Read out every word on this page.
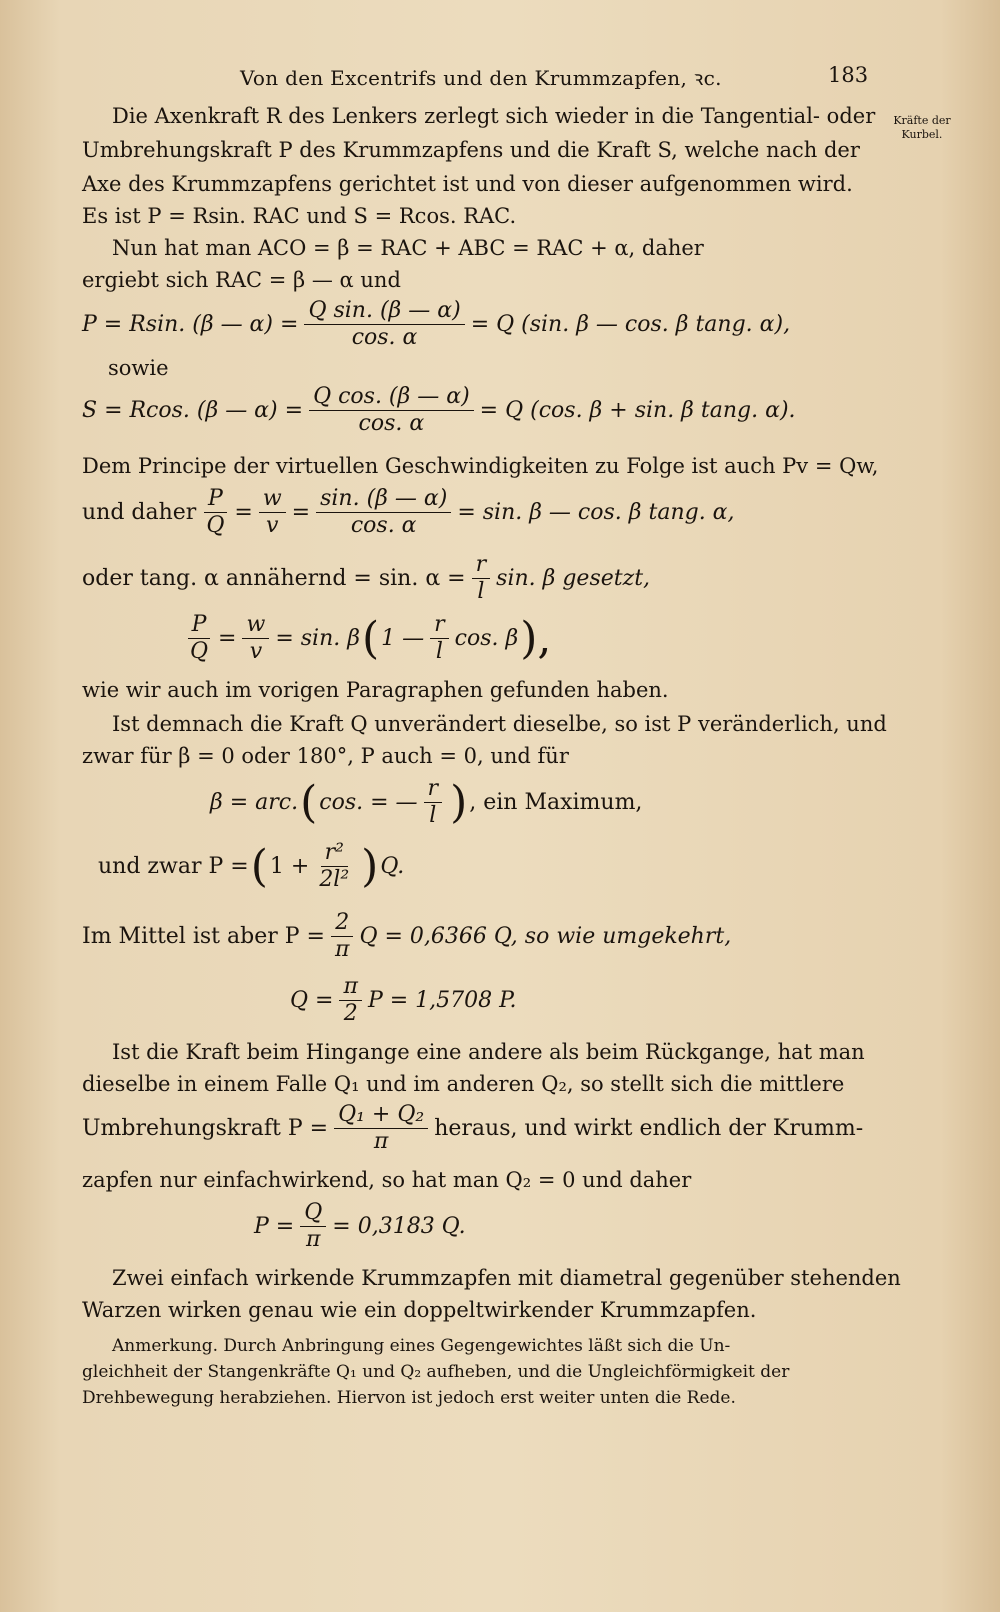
Von den Excentrifs und den Krummzapfen, ꝛc.	183
Kräfte der Kurbel.
Die Axenkraft R des Lenkers zerlegt sich wieder in die Tangential- oder
Umbrehungskraft P des Krummzapfens und die Kraft S, welche nach der
Axe des Krummzapfens gerichtet ist und von dieser aufgenommen wird.
Es ist P = Rsin. RAC und S = Rcos. RAC.
Nun hat man ACO = β = RAC + ABC = RAC + α, daher
ergiebt sich RAC = β — α und
P = Rsin. (β — $\alpha) = \frac{\text{Q sin. (β — α)}}{\cos. \alpha} = Q$ (sin. β — cos. β tang. α),
sowie
S = Rcos. (β — $\alpha) = \frac{\text{Q cos. (β — α)}}{\cos. \alpha} = Q$ (cos. β + sin. β tang. α).
Dem Principe der virtuellen Geschwindigkeiten zu Folge ist auch Pv = Qw,
und daher $\frac{P}{Q} = \frac{w}{v} = \frac{\sin. (\beta — \alpha)}{\cos. \alpha} = \sin$. β — cos. β tang. α,
oder tang. α annähernd = sin. $\alpha = \frac{r}{l} \sin$. β gesetzt,
$\frac{P}{Q} = \frac{w}{v} = \sin$. β ( 1 — $\frac{r}{l} \cos$. β ),
wie wir auch im vorigen Paragraphen gefunden haben.
Ist demnach die Kraft Q unverändert dieselbe, so ist P veränderlich, und
zwar für β = 0 oder 180°, P auch = 0, und für
β = arc. ( cos. = — $\frac{r}{l}$ ) , ein Maximum,
und zwar P = ( $1 + \frac{\text{r²}}{\text{2l²}}$ ) Q.
Im Mittel ist aber $P = \frac{2}{\pi}$ Q = 0,6366 Q, so wie umgekehrt,
$Q = \frac{\pi}{2}$ P = 1,5708 P.
Ist die Kraft beim Hingange eine andere als beim Rückgange, hat man
dieselbe in einem Falle Q₁ und im anderen Q₂, so stellt sich die mittlere
Umbrehungskraft $P = \frac{\text{Q₁ + Q₂}}{\pi}$ heraus, und wirkt endlich der Krumm-
zapfen nur einfachwirkend, so hat man Q₂ = 0 und daher
$P = \frac{Q}{\pi} = 0,3183$ Q.
Zwei einfach wirkende Krummzapfen mit diametral gegenüber stehenden
Warzen wirken genau wie ein doppeltwirkender Krummzapfen.
Anmerkung. Durch Anbringung eines Gegengewichtes läßt sich die Un-
gleichheit der Stangenkräfte Q₁ und Q₂ aufheben, und die Ungleichförmigkeit der
Drehbewegung herabziehen. Hiervon ist jedoch erst weiter unten die Rede.
